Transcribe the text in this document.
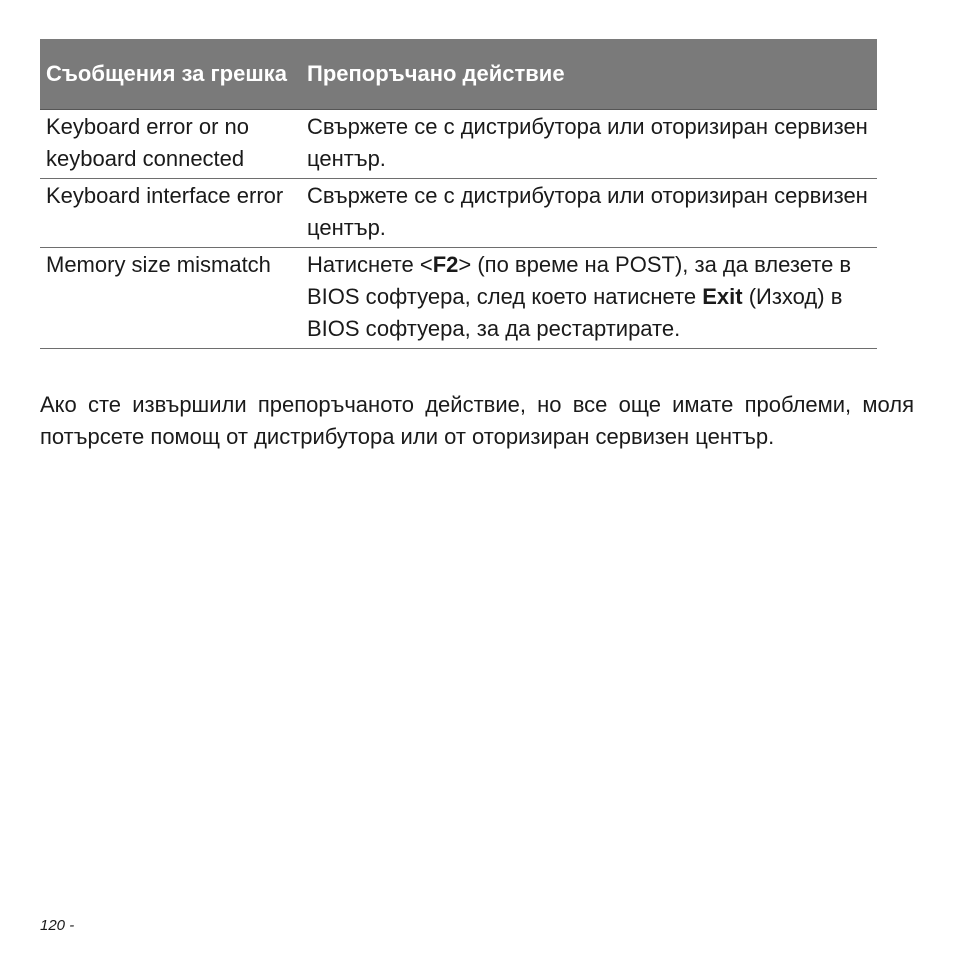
Съобщения за грешка	Препоръчано действие
Keyboard error or no keyboard connected	Свържете се с дистрибутора или оторизиран сервизен център.
Keyboard interface error	Свържете се с дистрибутора или оторизиран сервизен център.
Memory size mismatch	Натиснете <F2> (по време на POST), за да влезете в BIOS софтуера, след което натиснете Exit (Изход) в BIOS софтуера, за да рестартирате.

Ако сте извършили препоръчаното действие, но все още имате проблеми, моля потърсете помощ от дистрибутора или от оторизиран сервизен център.

120 -
